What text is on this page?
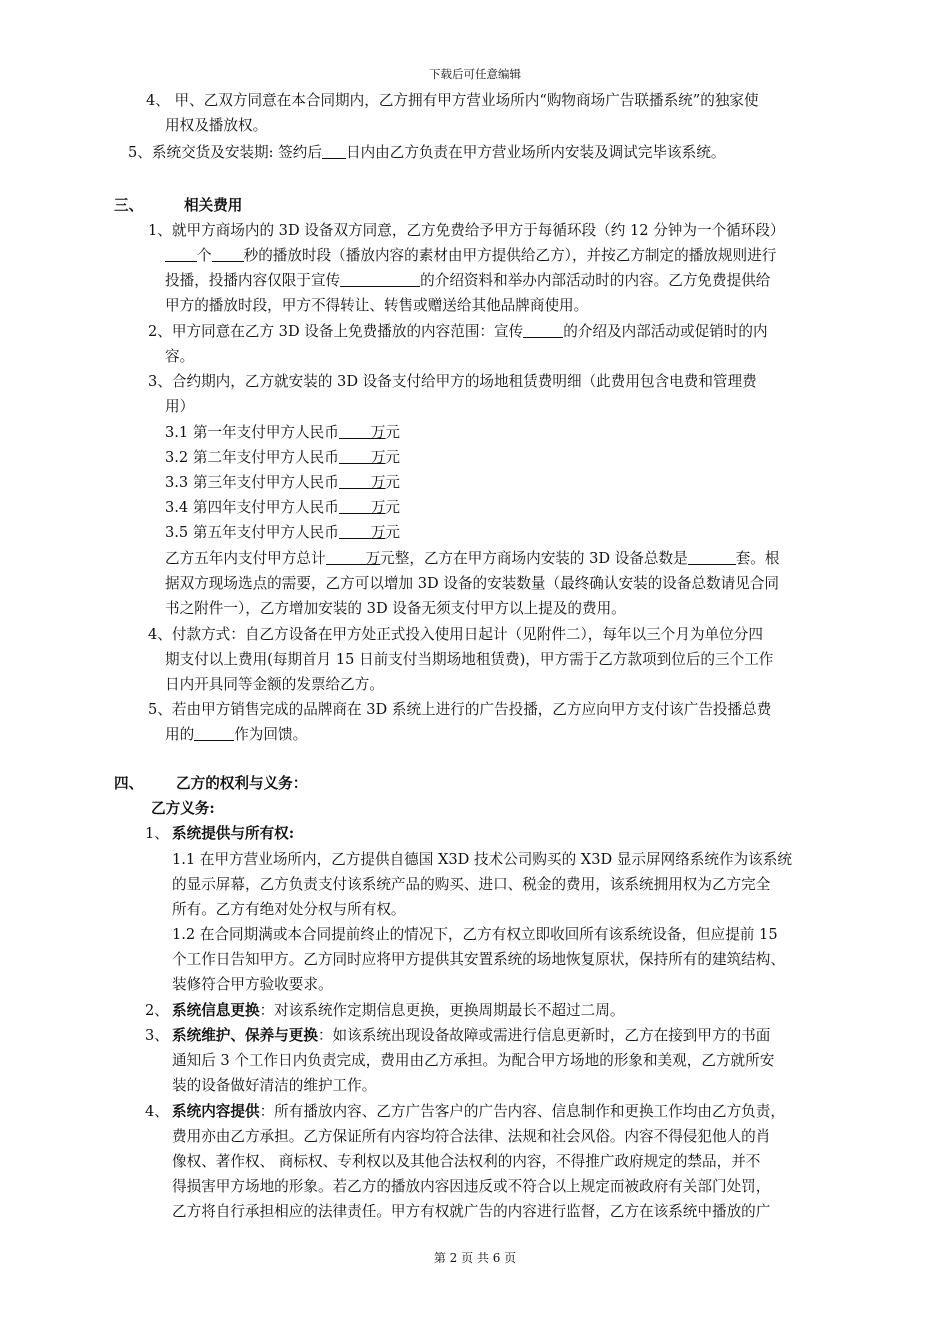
下载后可任意编辑
4、 甲、乙双方同意在本合同期内，乙方拥有甲方营业场所内“购物商场广告联播系统”的独家使
用权及播放权。
5、系统交货及安装期: 签约后 日内由乙方负责在甲方营业场所内安装及调试完毕该系统。
三、	相关费用
1、就甲方商场内的 3D 设备双方同意，乙方免费给予甲方于每循环段（约 12 分钟为一个循环段）
个 秒的播放时段（播放内容的素材由甲方提供给乙方），并按乙方制定的播放规则进行
投播，投播内容仅限于宣传	的介绍资料和举办内部活动时的内容。乙方免费提供给
甲方的播放时段，甲方不得转让、转售或赠送给其他品牌商使用。
2、甲方同意在乙方 3D 设备上免费播放的内容范围：宣传	的介绍及内部活动或促销时的内
容。
3、合约期内，乙方就安装的 3D 设备支付给甲方的场地租赁费明细（此费用包含电费和管理费
用）
3.1 第一年支付甲方人民币 万元
3.2 第二年支付甲方人民币 万元
3.3 第三年支付甲方人民币 万元
3.4 第四年支付甲方人民币 万元
3.5 第五年支付甲方人民币 万元
乙方五年内支付甲方总计	万元整，乙方在甲方商场内安装的 3D 设备总数是	套。根
据双方现场选点的需要，乙方可以增加 3D 设备的安装数量（最终确认安装的设备总数请见合同
书之附件一），乙方增加安装的 3D 设备无须支付甲方以上提及的费用。
4、付款方式：自乙方设备在甲方处正式投入使用日起计（见附件二），每年以三个月为单位分四
期支付以上费用(每期首月 15 日前支付当期场地租赁费)，甲方需于乙方款项到位后的三个工作
日内开具同等金额的发票给乙方。
5、若由甲方销售完成的品牌商在 3D 系统上进行的广告投播，乙方应向甲方支付该广告投播总费
用的	作为回馈。
四、 乙方的权利与义务：
乙方义务:
1、 系统提供与所有权:
1.1 在甲方营业场所内，乙方提供自德国 X3D 技术公司购买的 X3D 显示屏网络系统作为该系统
的显示屏幕，乙方负责支付该系统产品的购买、进口、税金的费用，该系统拥用权为乙方完全
所有。乙方有绝对处分权与所有权。
1.2 在合同期满或本合同提前终止的情况下，乙方有权立即收回所有该系统设备，但应提前 15
个工作日告知甲方。乙方同时应将甲方提供其安置系统的场地恢复原状，保持所有的建筑结构、
装修符合甲方验收要求。
2、 系统信息更换：对该系统作定期信息更换，更换周期最长不超过二周。
3、 系统维护、保养与更换：如该系统出现设备故障或需进行信息更新时，乙方在接到甲方的书面
通知后 3 个工作日内负责完成，费用由乙方承担。为配合甲方场地的形象和美观，乙方就所安
装的设备做好清洁的维护工作。
4、 系统内容提供：所有播放内容、乙方广告客户的广告内容、信息制作和更换工作均由乙方负责，
费用亦由乙方承担。乙方保证所有内容均符合法律、法规和社会风俗。内容不得侵犯他人的肖
像权、著作权、 商标权、专利权以及其他合法权利的内容，不得推广政府规定的禁品，并不
得损害甲方场地的形象。若乙方的播放内容因违反或不符合以上规定而被政府有关部门处罚，
乙方将自行承担相应的法律责任。甲方有权就广告的内容进行监督，乙方在该系统中播放的广
第 2 页 共 6 页
